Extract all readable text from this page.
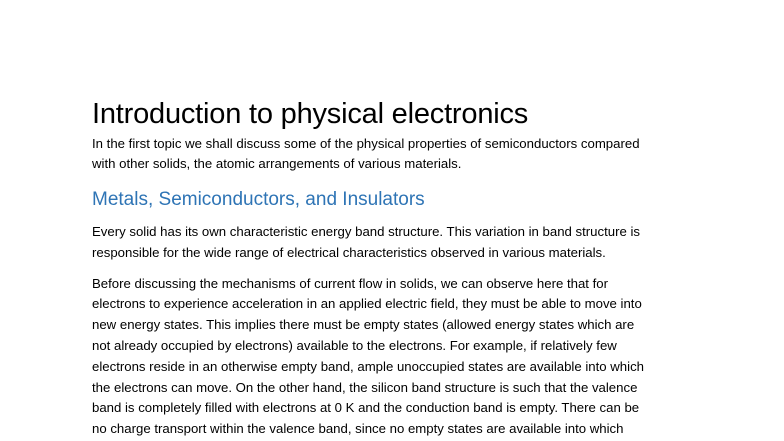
Introduction to physical electronics

In the first topic we shall discuss some of the physical properties of semiconductors compared
with other solids, the atomic arrangements of various materials.

Metals, Semiconductors, and Insulators

Every solid has its own characteristic energy band structure. This variation in band structure is
responsible for the wide range of electrical characteristics observed in various materials.

Before discussing the mechanisms of current flow in solids, we can observe here that for
electrons to experience acceleration in an applied electric field, they must be able to move into
new energy states. This implies there must be empty states (allowed energy states which are
not already occupied by electrons) available to the electrons. For example, if relatively few
electrons reside in an otherwise empty band, ample unoccupied states are available into which
the electrons can move. On the other hand, the silicon band structure is such that the valence
band is completely filled with electrons at 0 K and the conduction band is empty. There can be
no charge transport within the valence band, since no empty states are available into which
